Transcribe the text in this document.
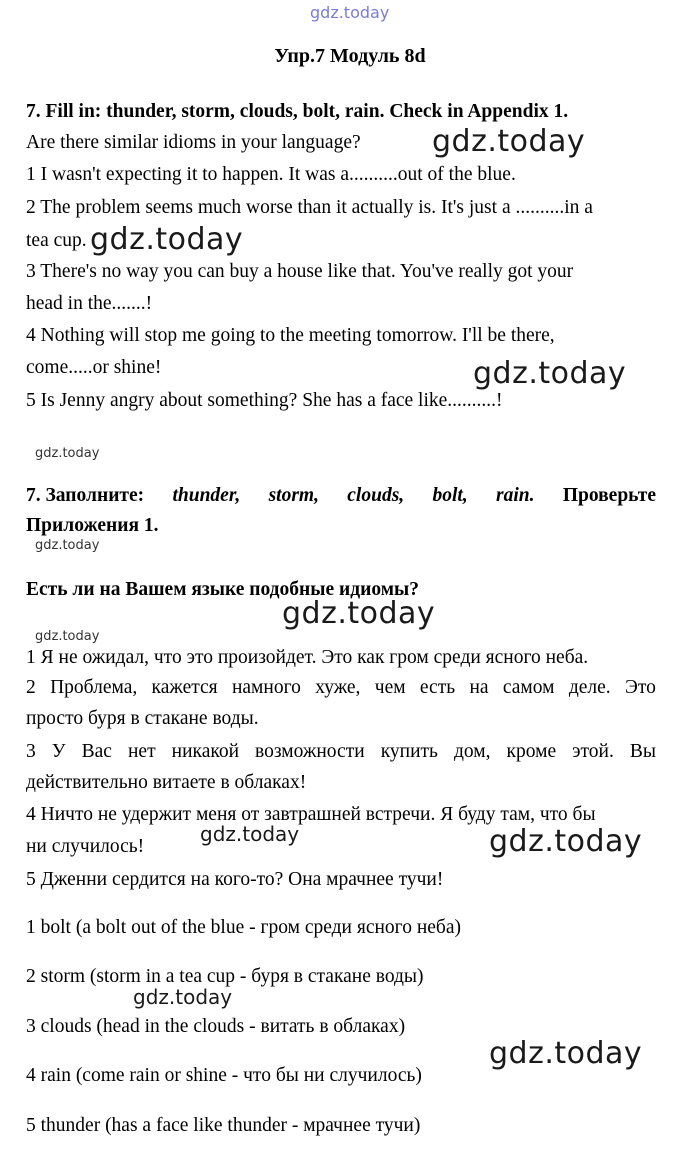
gdz.today
Упр.7 Модуль 8d
7. Fill in: thunder, storm, clouds, bolt, rain. Check in Appendix 1.
Are there similar idioms in your language?
1 I wasn't expecting it to happen. It was a..........out of the blue.
2 The problem seems much worse than it actually is. It's just a ..........in a
tea cup.
3 There's no way you can buy a house like that. You've really got your
head in the.......!
4 Nothing will stop me going to the meeting tomorrow. I'll be there,
come.....or shine!
5 Is Jenny angry about something? She has a face like..........!
7. Заполните: thunder, storm, clouds, bolt, rain. Проверьте
Приложения 1.
Есть ли на Вашем языке подобные идиомы?
1 Я не ожидал, что это произойдет. Это как гром среди ясного неба.
2 Проблема, кажется намного хуже, чем есть на самом деле. Это
просто буря в стакане воды.
3 У Вас нет никакой возможности купить дом, кроме этой. Вы
действительно витаете в облаках!
4 Ничто не удержит меня от завтрашней встречи. Я буду там, что бы
ни случилось!
5 Дженни сердится на кого-то? Она мрачнее тучи!
1 bolt (a bolt out of the blue - гром среди ясного неба)
2 storm (storm in a tea cup - буря в стакане воды)
3 clouds (head in the clouds - витать в облаках)
4 rain (come rain or shine - что бы ни случилось)
5 thunder (has a face like thunder - мрачнее тучи)
gdz.today
gdz.today
gdz.today
gdz.today
gdz.today
gdz.today
gdz.today
gdz.today	gdz.today
gdz.today
gdz.today
